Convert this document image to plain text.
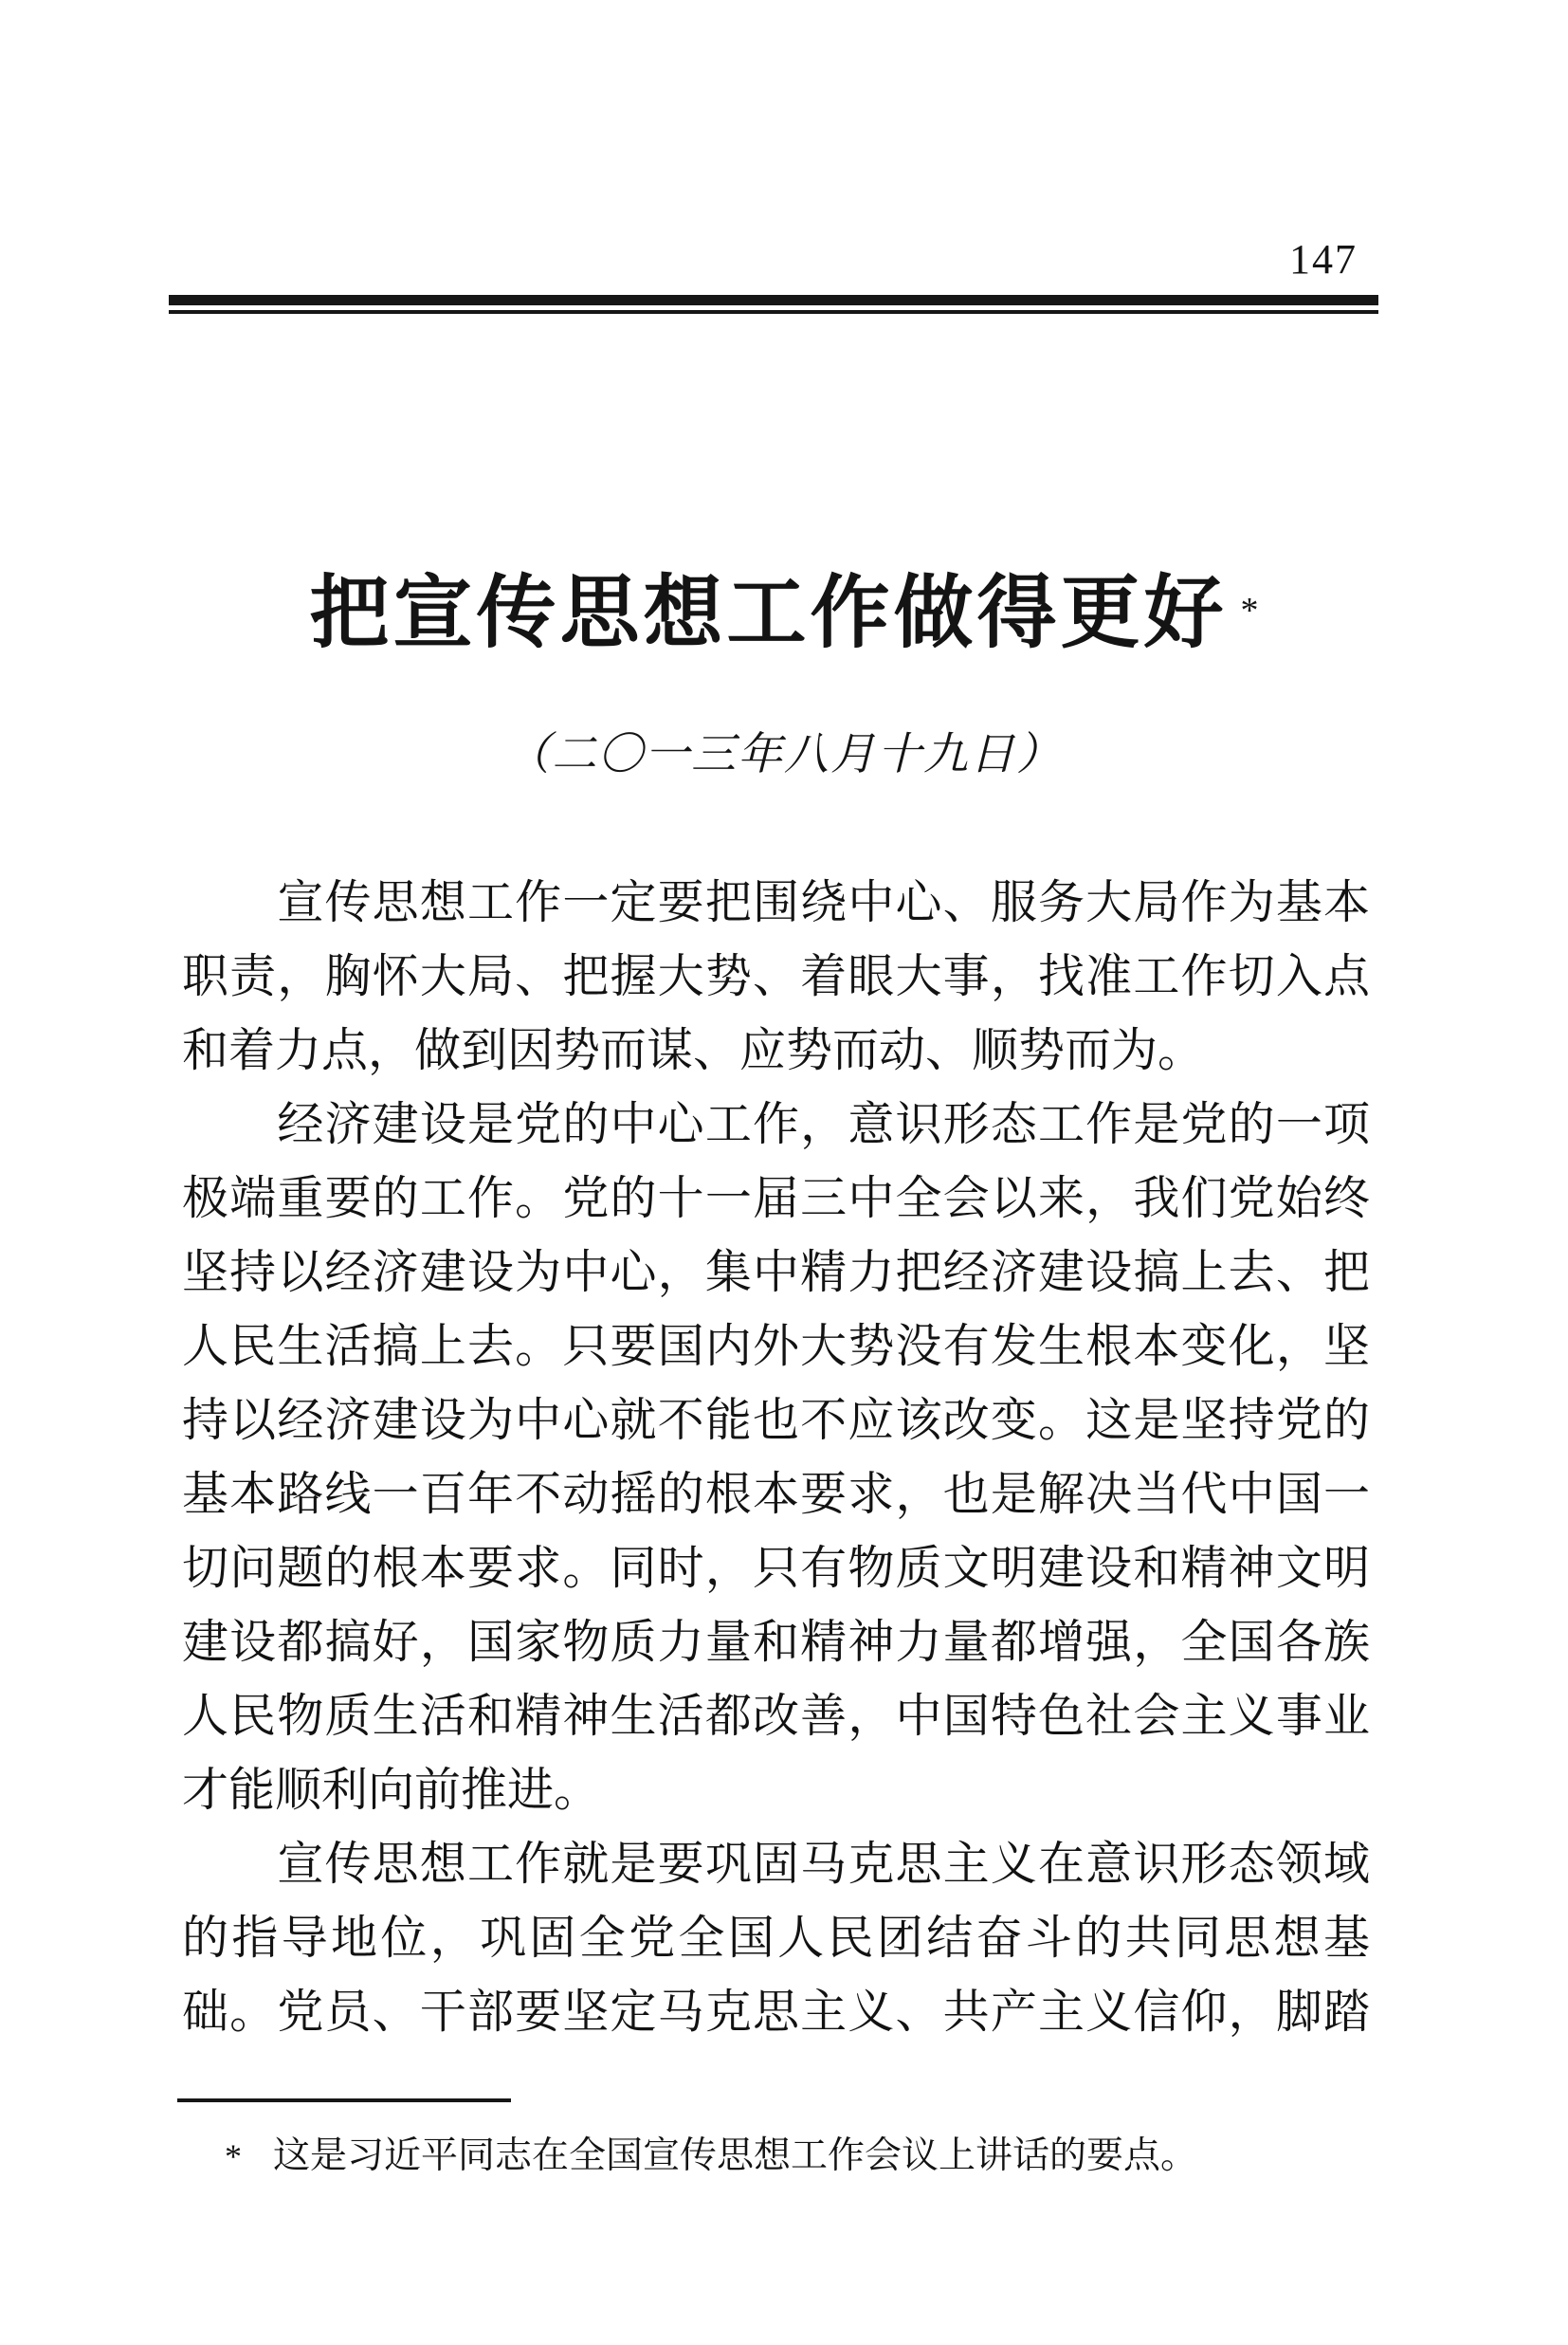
147
把宣传思想工作做得更好 *
（二〇一三年八月十九日）
　　宣传思想工作一定要把围绕中心、服务大局作为基本
职责，胸怀大局、把握大势、着眼大事，找准工作切入点
和着力点，做到因势而谋、应势而动、顺势而为。
　　经济建设是党的中心工作，意识形态工作是党的一项
极端重要的工作。党的十一届三中全会以来，我们党始终
坚持以经济建设为中心，集中精力把经济建设搞上去、把
人民生活搞上去。只要国内外大势没有发生根本变化，坚
持以经济建设为中心就不能也不应该改变。这是坚持党的
基本路线一百年不动摇的根本要求，也是解决当代中国一
切问题的根本要求。同时，只有物质文明建设和精神文明
建设都搞好，国家物质力量和精神力量都增强，全国各族
人民物质生活和精神生活都改善，中国特色社会主义事业
才能顺利向前推进。
　　宣传思想工作就是要巩固马克思主义在意识形态领域
的指导地位，巩固全党全国人民团结奋斗的共同思想基
础。党员、干部要坚定马克思主义、共产主义信仰，脚踏
* 这是习近平同志在全国宣传思想工作会议上讲话的要点。
